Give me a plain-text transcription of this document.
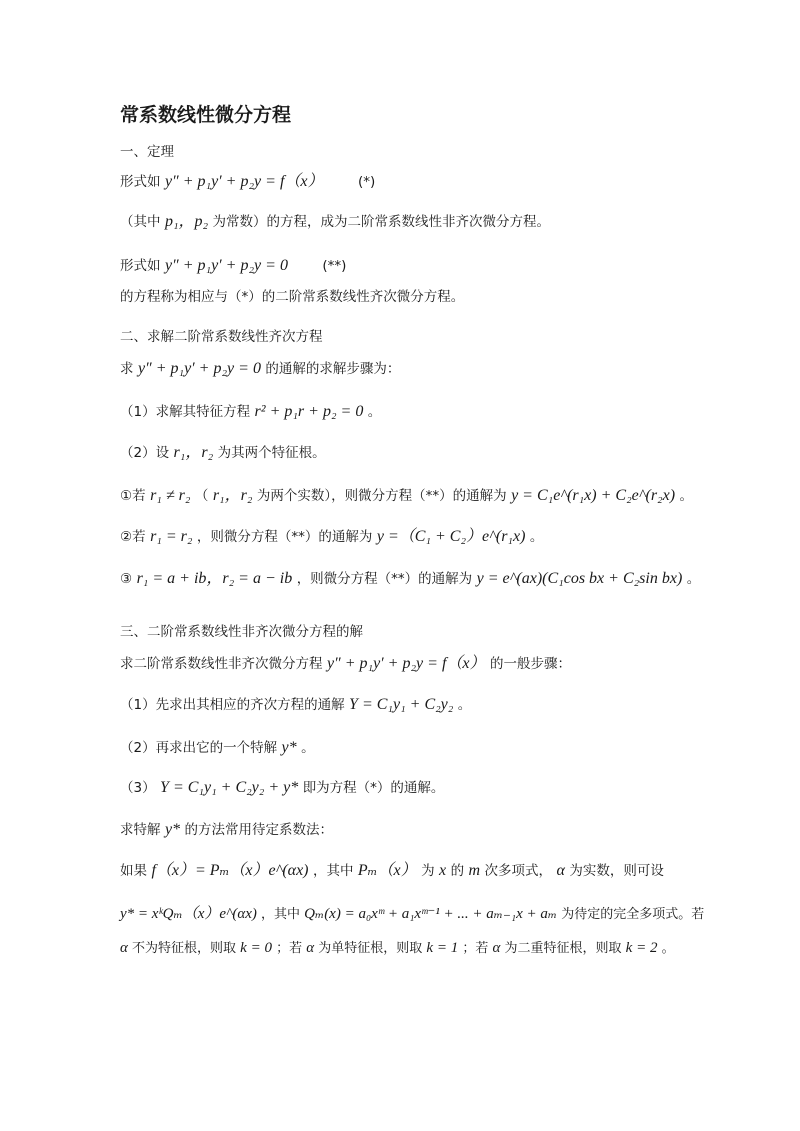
常系数线性微分方程
一、定理
形式如 y″ + p₁y′ + p₂y = f（x）	(*)
（其中 p₁，p₂ 为常数）的方程，成为二阶常系数线性非齐次微分方程。
形式如 y″ + p₁y′ + p₂y = 0	(**)
的方程称为相应与（*）的二阶常系数线性齐次微分方程。
二、求解二阶常系数线性齐次方程
求 y″ + p₁y′ + p₂y = 0 的通解的求解步骤为：
（1）求解其特征方程 r² + p₁r + p₂ = 0 。
（2）设 r₁，r₂ 为其两个特征根。
①若 r₁ ≠ r₂ （ r₁，r₂ 为两个实数），则微分方程（**）的通解为 y = C₁e^(r₁x) + C₂e^(r₂x) 。
②若 r₁ = r₂ ，则微分方程（**）的通解为 y =（C₁ + C₂）e^(r₁x) 。
③ r₁ = a + ib，r₂ = a − ib ，则微分方程（**）的通解为 y = e^(ax)(C₁cos bx + C₂sin bx) 。
三、二阶常系数线性非齐次微分方程的解
求二阶常系数线性非齐次微分方程 y″ + p₁y′ + p₂y = f（x） 的一般步骤：
（1）先求出其相应的齐次方程的通解 Y = C₁y₁ + C₂y₂ 。
（2）再求出它的一个特解 y* 。
（3） Y = C₁y₁ + C₂y₂ + y* 即为方程（*）的通解。
求特解 y* 的方法常用待定系数法：
如果 f（x）= Pₘ（x）e^(αx) ，其中 Pₘ（x） 为 x 的 m 次多项式， α 为实数，则可设
y* = xᵏQₘ（x）e^(αx) ，其中 Qₘ(x) = a₀xᵐ + a₁xᵐ⁻¹ + ... + aₘ₋₁x + aₘ 为待定的完全多项式。若
α 不为特征根，则取 k = 0 ；若 α 为单特征根，则取 k = 1 ；若 α 为二重特征根，则取 k = 2 。
